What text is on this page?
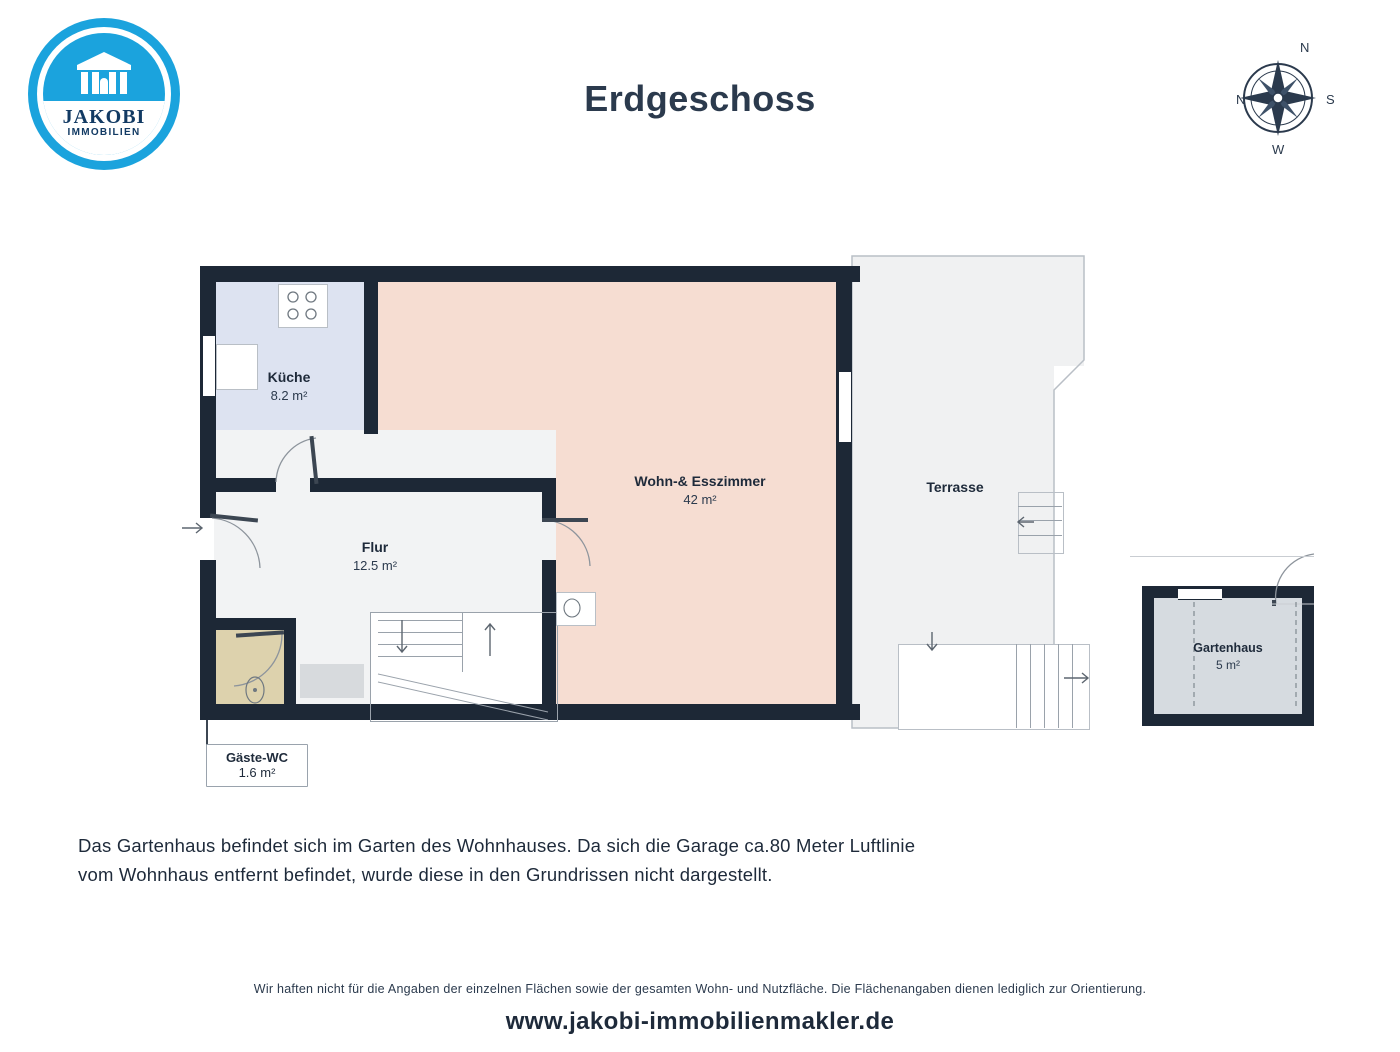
JAKOBI
IMMOBILIEN
Erdgeschoss
N
S
N
W
Terrasse
Küche
8.2 m²
Wohn-& Esszimmer
42 m²
Flur
12.5 m²
Gäste-WC
1.6 m²
Gartenhaus
5 m²
Das Gartenhaus befindet sich im Garten des Wohnhauses. Da sich die Garage ca.80 Meter Luftlinie
vom Wohnhaus entfernt befindet, wurde diese in den Grundrissen nicht dargestellt.
Wir haften nicht für die Angaben der einzelnen Flächen sowie der gesamten Wohn- und Nutzfläche. Die Flächenangaben dienen lediglich zur Orientierung.
www.jakobi-immobilienmakler.de
